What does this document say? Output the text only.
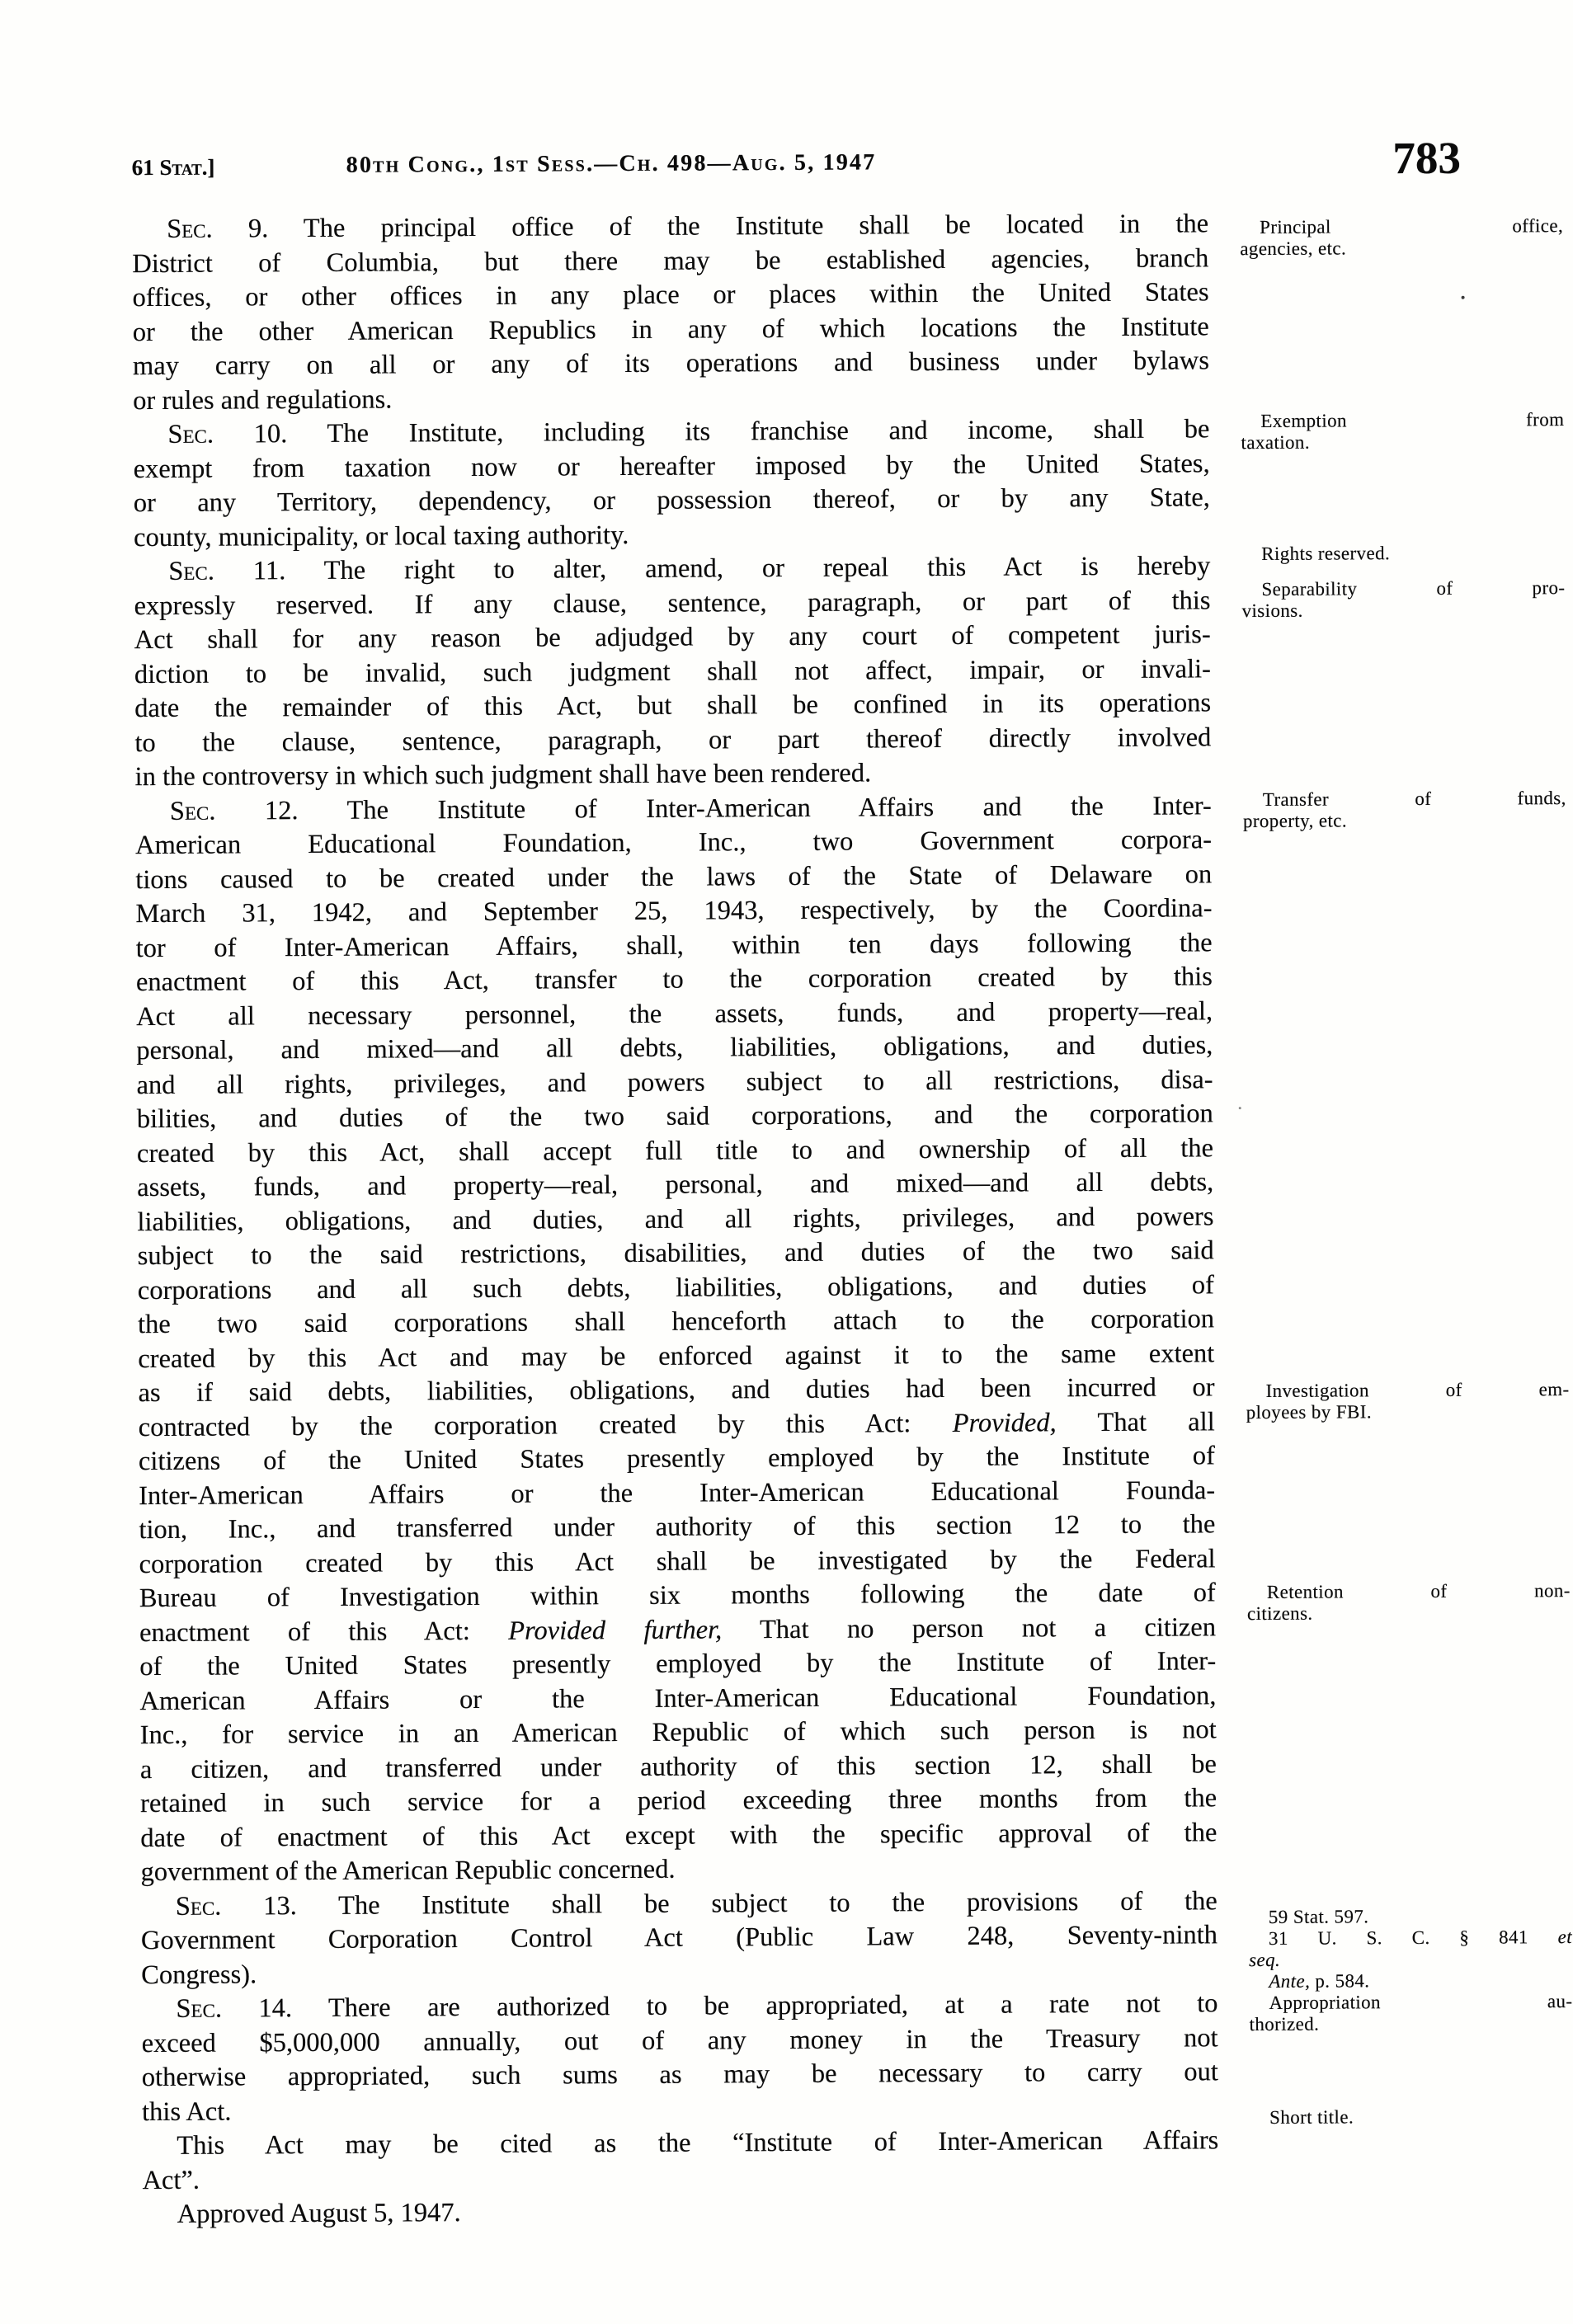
61 Stat.]	80th Cong., 1st Sess.—Ch. 498—Aug. 5, 1947	783
Sec. 9. The principal office of the Institute shall be located in the
District of Columbia, but there may be established agencies, branch
offices, or other offices in any place or places within the United States
or the other American Republics in any of which locations the Institute
may carry on all or any of its operations and business under bylaws
or rules and regulations.
Sec. 10. The Institute, including its franchise and income, shall be
exempt from taxation now or hereafter imposed by the United States,
or any Territory, dependency, or possession thereof, or by any State,
county, municipality, or local taxing authority.
Sec. 11. The right to alter, amend, or repeal this Act is hereby
expressly reserved. If any clause, sentence, paragraph, or part of this
Act shall for any reason be adjudged by any court of competent juris-
diction to be invalid, such judgment shall not affect, impair, or invali-
date the remainder of this Act, but shall be confined in its operations
to the clause, sentence, paragraph, or part thereof directly involved
in the controversy in which such judgment shall have been rendered.
Sec. 12. The Institute of Inter-American Affairs and the Inter-
American Educational Foundation, Inc., two Government corpora-
tions caused to be created under the laws of the State of Delaware on
March 31, 1942, and September 25, 1943, respectively, by the Coordina-
tor of Inter-American Affairs, shall, within ten days following the
enactment of this Act, transfer to the corporation created by this
Act all necessary personnel, the assets, funds, and property—real,
personal, and mixed—and all debts, liabilities, obligations, and duties,
and all rights, privileges, and powers subject to all restrictions, disa-
bilities, and duties of the two said corporations, and the corporation
created by this Act, shall accept full title to and ownership of all the
assets, funds, and property—real, personal, and mixed—and all debts,
liabilities, obligations, and duties, and all rights, privileges, and powers
subject to the said restrictions, disabilities, and duties of the two said
corporations and all such debts, liabilities, obligations, and duties of
the two said corporations shall henceforth attach to the corporation
created by this Act and may be enforced against it to the same extent
as if said debts, liabilities, obligations, and duties had been incurred or
contracted by the corporation created by this Act: Provided, That all
citizens of the United States presently employed by the Institute of
Inter-American Affairs or the Inter-American Educational Founda-
tion, Inc., and transferred under authority of this section 12 to the
corporation created by this Act shall be investigated by the Federal
Bureau of Investigation within six months following the date of
enactment of this Act: Provided further, That no person not a citizen
of the United States presently employed by the Institute of Inter-
American Affairs or the Inter-American Educational Foundation,
Inc., for service in an American Republic of which such person is not
a citizen, and transferred under authority of this section 12, shall be
retained in such service for a period exceeding three months from the
date of enactment of this Act except with the specific approval of the
government of the American Republic concerned.
Sec. 13. The Institute shall be subject to the provisions of the
Government Corporation Control Act (Public Law 248, Seventy-ninth
Congress).
Sec. 14. There are authorized to be appropriated, at a rate not to
exceed $5,000,000 annually, out of any money in the Treasury not
otherwise appropriated, such sums as may be necessary to carry out
this Act.
This Act may be cited as the “Institute of Inter-American Affairs
Act”.
Approved August 5, 1947.
Principal office,
agencies, etc.
Exemption from
taxation.
Rights reserved.
Separability of pro-
visions.
Transfer of funds,
property, etc.
Investigation of em-
ployees by FBI.
Retention of non-
citizens.
59 Stat. 597.
31 U. S. C. § 841 et
seq.
Ante, p. 584.
Appropriation au-
thorized.
Short title.
